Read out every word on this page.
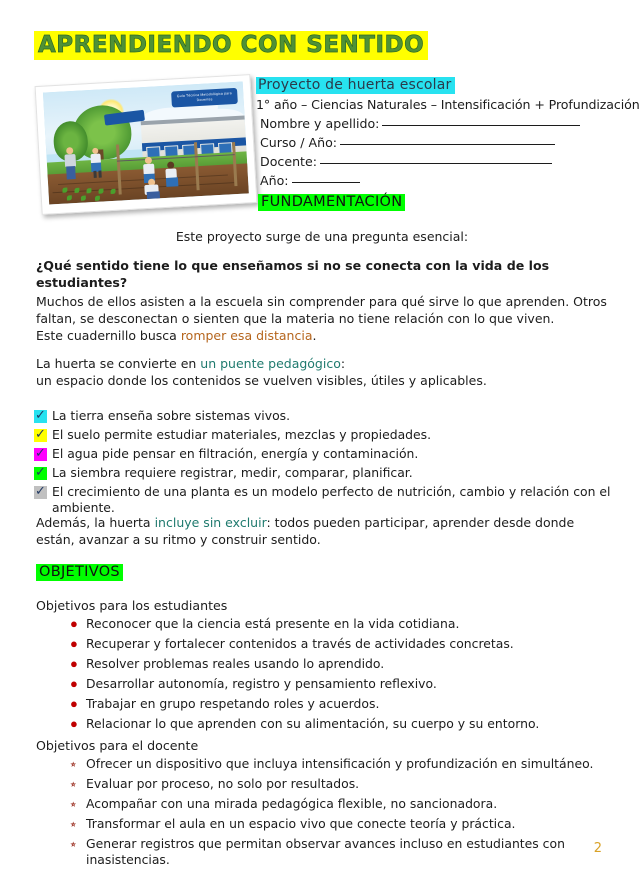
APRENDIENDO CON SENTIDO
Guía Técnica Metodológica para Docentes
Proyecto de huerta escolar
1° año – Ciencias Naturales – Intensificación + Profundización
Nombre y apellido:
Curso / Año:
Docente:
Año:
FUNDAMENTACIÓN
Este proyecto surge de una pregunta esencial:
¿Qué sentido tiene lo que enseñamos si no se conecta con la vida de los estudiantes?
Muchos de ellos asisten a la escuela sin comprender para qué sirve lo que aprenden. Otros faltan, se desconectan o sienten que la materia no tiene relación con lo que viven.
Este cuadernillo busca romper esa distancia.
La huerta se convierte en un puente pedagógico:
un espacio donde los contenidos se vuelven visibles, útiles y aplicables.
✓
La tierra enseña sobre sistemas vivos.
✓
El suelo permite estudiar materiales, mezclas y propiedades.
✓
El agua pide pensar en filtración, energía y contaminación.
✓
La siembra requiere registrar, medir, comparar, planificar.
✓
El crecimiento de una planta es un modelo perfecto de nutrición, cambio y relación con el ambiente.
Además, la huerta incluye sin excluir: todos pueden participar, aprender desde donde están, avanzar a su ritmo y construir sentido.
OBJETIVOS
Objetivos para los estudiantes
● Reconocer que la ciencia está presente en la vida cotidiana.
● Recuperar y fortalecer contenidos a través de actividades concretas.
● Resolver problemas reales usando lo aprendido.
● Desarrollar autonomía, registro y pensamiento reflexivo.
● Trabajar en grupo respetando roles y acuerdos.
● Relacionar lo que aprenden con su alimentación, su cuerpo y su entorno.
Objetivos para el docente
⭒ Ofrecer un dispositivo que incluya intensificación y profundización en simultáneo.
⭒ Evaluar por proceso, no solo por resultados.
⭒ Acompañar con una mirada pedagógica flexible, no sancionadora.
⭒ Transformar el aula en un espacio vivo que conecte teoría y práctica.
⭒ Generar registros que permitan observar avances incluso en estudiantes con inasistencias.
2
